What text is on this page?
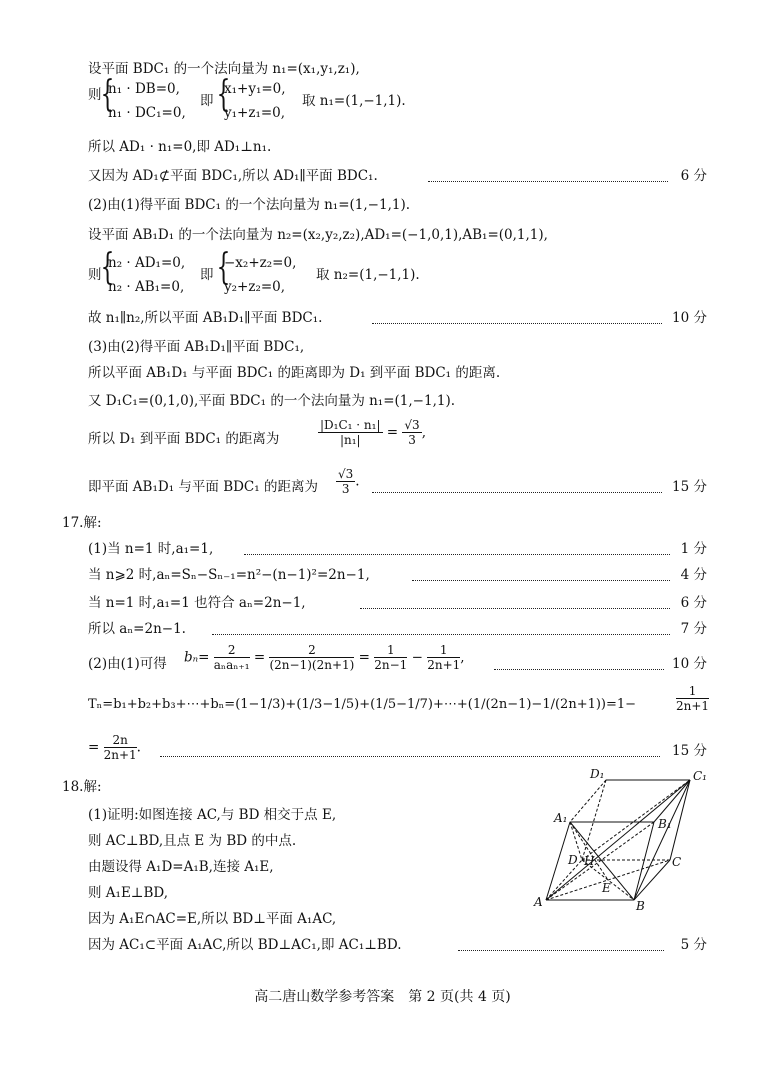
设平面 BDC₁ 的一个法向量为 n₁=(x₁,y₁,z₁),
则 {
n₁ · DB=0,
n₁ · DC₁=0,
即 {
x₁+y₁=0,
y₁+z₁=0,
取 n₁=(1,−1,1).
所以 AD₁ · n₁=0,即 AD₁⊥n₁.
又因为 AD₁⊄平面 BDC₁,所以 AD₁∥平面 BDC₁.	6 分
(2)由(1)得平面 BDC₁ 的一个法向量为 n₁=(1,−1,1).
设平面 AB₁D₁ 的一个法向量为 n₂=(x₂,y₂,z₂),AD₁=(−1,0,1),AB₁=(0,1,1),
则 {
n₂ · AD₁=0,
n₂ · AB₁=0,
即 {
−x₂+z₂=0,
y₂+z₂=0,
取 n₂=(1,−1,1).
故 n₁∥n₂,所以平面 AB₁D₁∥平面 BDC₁.	10 分
(3)由(2)得平面 AB₁D₁∥平面 BDC₁,
所以平面 AB₁D₁ 与平面 BDC₁ 的距离即为 D₁ 到平面 BDC₁ 的距离.
又 D₁C₁=(0,1,0),平面 BDC₁ 的一个法向量为 n₁=(1,−1,1).
所以 D₁ 到平面 BDC₁ 的距离为	$\frac{\text{|D₁C₁ · n₁|}}{\text{|n₁|}} = \frac{√3}{3}$ ,
即平面 AB₁D₁ 与平面 BDC₁ 的距离为 $\frac{√3}{3}$ .	15 分
17.解:
(1)当 n=1 时,a₁=1,	1 分
当 n⩾2 时,aₙ=Sₙ−Sₙ₋₁=n²−(n−1)²=2n−1,	4 分
当 n=1 时,a₁=1 也符合 aₙ=2n−1,	6 分
所以 aₙ=2n−1.	7 分
(2)由(1)可得 $b_n= \frac{2}{\text{aₙaₙ₊₁}} = \frac{2}{(2n-1)(2n+1)} = \frac{1}{2n-1} - \frac{1}{2n+1}$ ,	10 分
Tₙ=b₁+b₂+b₃+⋯+bₙ=(1−1/3)+(1/3−1/5)+(1/5−1/7)+⋯+(1/(2n−1)−1/(2n+1))=1−	$\frac{1}{2n+1}$
= $\frac{2n}{2n+1}$ .	15 分
18.解:
(1)证明:如图连接 AC,与 BD 相交于点 E,
则 AC⊥BD,且点 E 为 BD 的中点.
由题设得 A₁D=A₁B,连接 A₁E,
则 A₁E⊥BD,
因为 A₁E∩AC=E,所以 BD⊥平面 A₁AC,
因为 AC₁⊂平面 A₁AC,所以 BD⊥AC₁,即 AC₁⊥BD.	5 分
D₁	C₁
A₁	B₁
D H	C
E
A	B
高二唐山数学参考答案　第 2 页(共 4 页)
